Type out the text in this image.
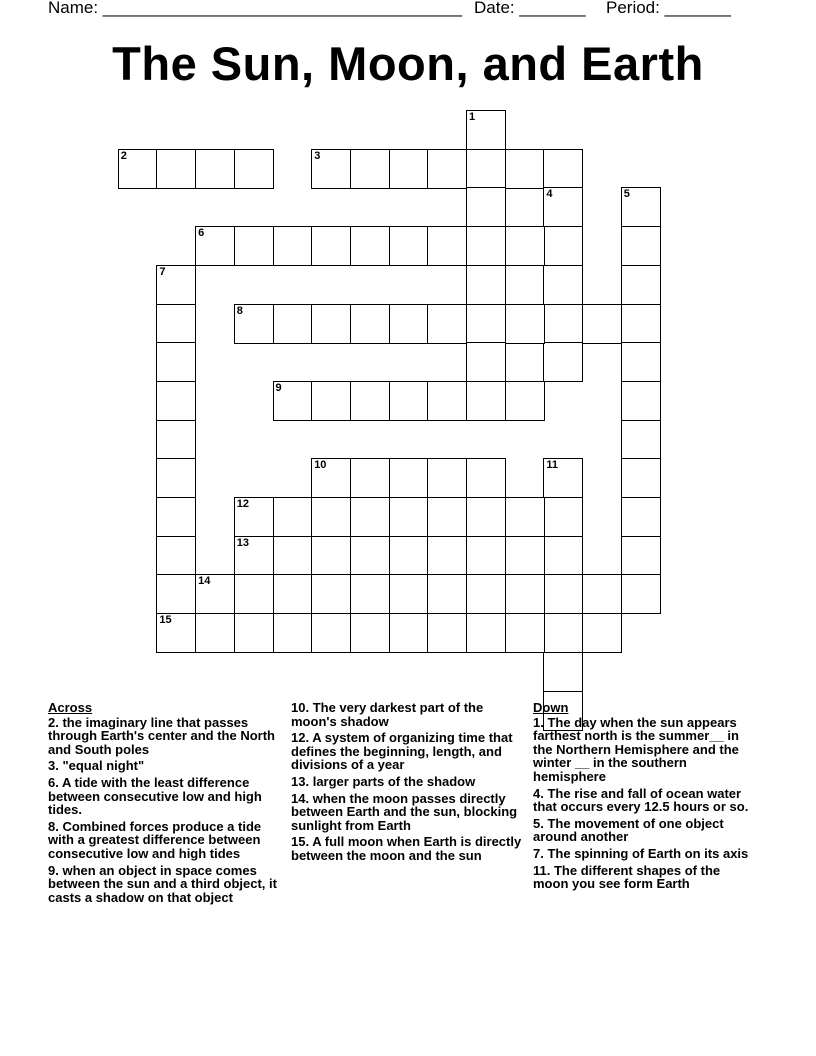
Name: ______________________________________ Date: _______ Period: _______
The Sun, Moon, and Earth
1
2	3
4	5
6
7
8
9
10	11
12
13
14
15
Across
2. the imaginary line that passes through Earth's center and the North and South poles
3. "equal night"
6. A tide with the least difference between consecutive low and high tides.
8. Combined forces produce a tide with a greatest difference between consecutive low and high tides
9. when an object in space comes between the sun and a third object, it casts a shadow on that object
10. The very darkest part of the moon's shadow
12. A system of organizing time that defines the beginning, length, and divisions of a year
13. larger parts of the shadow
14. when the moon passes directly between Earth and the sun, blocking sunlight from Earth
15. A full moon when Earth is directly between the moon and the sun
Down
1. The day when the sun appears farthest north is the summer__ in the Northern Hemisphere and the winter __ in the southern hemisphere
4. The rise and fall of ocean water that occurs every 12.5 hours or so.
5. The movement of one object around another
7. The spinning of Earth on its axis
11. The different shapes of the moon you see form Earth
